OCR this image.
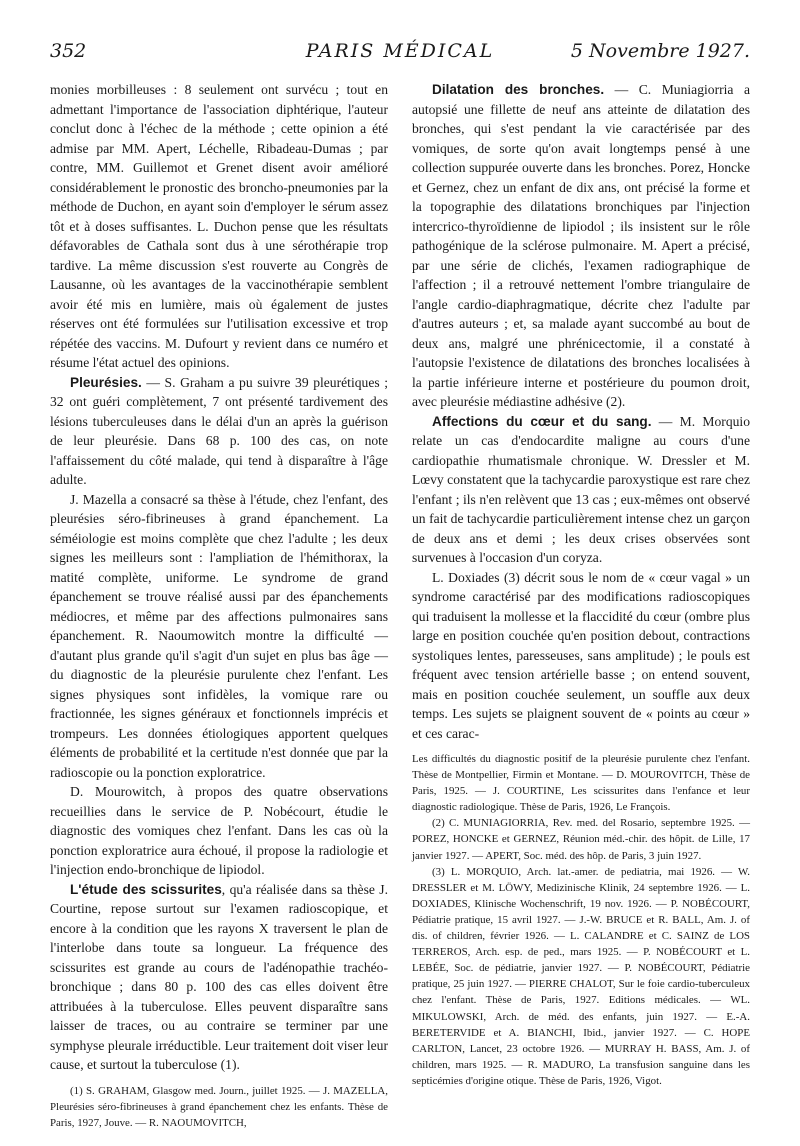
352	PARIS MÉDICAL	5 Novembre 1927.

monies morbilleuses : 8 seulement ont survécu ; tout en admettant l'importance de l'association diphtérique, l'auteur conclut donc à l'échec de la méthode ; cette opinion a été admise par MM. Apert, Léchelle, Ribadeau-Dumas ; par contre, MM. Guillemot et Grenet disent avoir amélioré considérablement le pronostic des broncho-pneumonies par la méthode de Duchon, en ayant soin d'employer le sérum assez tôt et à doses suffisantes. L. Duchon pense que les résultats défavorables de Cathala sont dus à une sérothérapie trop tardive. La même discussion s'est rouverte au Congrès de Lausanne, où les avantages de la vaccinothérapie semblent avoir été mis en lumière, mais où également de justes réserves ont été formulées sur l'utilisation excessive et trop répétée des vaccins. M. Dufourt y revient dans ce numéro et résume l'état actuel des opinions.

Pleurésies. — S. Graham a pu suivre 39 pleurétiques ; 32 ont guéri complètement, 7 ont présenté tardivement des lésions tuberculeuses dans le délai d'un an après la guérison de leur pleurésie. Dans 68 p. 100 des cas, on note l'affaissement du côté malade, qui tend à disparaître à l'âge adulte.

J. Mazella a consacré sa thèse à l'étude, chez l'enfant, des pleurésies séro-fibrineuses à grand épanchement. La séméiologie est moins complète que chez l'adulte ; les deux signes les meilleurs sont : l'ampliation de l'hémithorax, la matité complète, uniforme. Le syndrome de grand épanchement se trouve réalisé aussi par des épanchements médiocres, et même par des affections pulmonaires sans épanchement. R. Naoumowitch montre la difficulté — d'autant plus grande qu'il s'agit d'un sujet en plus bas âge — du diagnostic de la pleurésie purulente chez l'enfant. Les signes physiques sont infidèles, la vomique rare ou fractionnée, les signes généraux et fonctionnels imprécis et trompeurs. Les données étiologiques apportent quelques éléments de probabilité et la certitude n'est donnée que par la radioscopie ou la ponction exploratrice.

D. Mourowitch, à propos des quatre observations recueillies dans le service de P. Nobécourt, étudie le diagnostic des vomiques chez l'enfant. Dans les cas où la ponction exploratrice aura échoué, il propose la radiologie et l'injection endo-bronchique de lipiodol.

L'étude des scissurites, qu'a réalisée dans sa thèse J. Courtine, repose surtout sur l'examen radioscopique, et encore à la condition que les rayons X traversent le plan de l'interlobe dans toute sa longueur. La fréquence des scissurites est grande au cours de l'adénopathie trachéo-bronchique ; dans 80 p. 100 des cas elles doivent être attribuées à la tuberculose. Elles peuvent disparaître sans laisser de traces, ou au contraire se terminer par une symphyse pleurale irréductible. Leur traitement doit viser leur cause, et surtout la tuberculose (1).

(1) S. GRAHAM, Glasgow med. Journ., juillet 1925. — J. MAZELLA, Pleurésies séro-fibrineuses à grand épanchement chez les enfants. Thèse de Paris, 1927, Jouve. — R. NAOUMOVITCH,

Dilatation des bronches. — C. Muniagiorria a autopsié une fillette de neuf ans atteinte de dilatation des bronches, qui s'est pendant la vie caractérisée par des vomiques, de sorte qu'on avait longtemps pensé à une collection suppurée ouverte dans les bronches. Porez, Honcke et Gernez, chez un enfant de dix ans, ont précisé la forme et la topographie des dilatations bronchiques par l'injection intercrico-thyroïdienne de lipiodol ; ils insistent sur le rôle pathogénique de la sclérose pulmonaire. M. Apert a précisé, par une série de clichés, l'examen radiographique de l'affection ; il a retrouvé nettement l'ombre triangulaire de l'angle cardio-diaphragmatique, décrite chez l'adulte par d'autres auteurs ; et, sa malade ayant succombé au bout de deux ans, malgré une phrénicectomie, il a constaté à l'autopsie l'existence de dilatations des bronches localisées à la partie inférieure interne et postérieure du poumon droit, avec pleurésie médiastine adhésive (2).

Affections du cœur et du sang. — M. Morquio relate un cas d'endocardite maligne au cours d'une cardiopathie rhumatismale chronique. W. Dressler et M. Lœvy constatent que la tachycardie paroxystique est rare chez l'enfant ; ils n'en relèvent que 13 cas ; eux-mêmes ont observé un fait de tachycardie particulièrement intense chez un garçon de deux ans et demi ; les deux crises observées sont survenues à l'occasion d'un coryza.

L. Doxiades (3) décrit sous le nom de « cœur vagal » un syndrome caractérisé par des modifications radioscopiques qui traduisent la mollesse et la flaccidité du cœur (ombre plus large en position couchée qu'en position debout, contractions systoliques lentes, paresseuses, sans amplitude) ; le pouls est fréquent avec tension artérielle basse ; on entend souvent, mais en position couchée seulement, un souffle aux deux temps. Les sujets se plaignent souvent de « points au cœur » et ces carac-

Les difficultés du diagnostic positif de la pleurésie purulente chez l'enfant. Thèse de Montpellier, Firmin et Montane. — D. MOUROVITCH, Thèse de Paris, 1925. — J. COURTINE, Les scissurites dans l'enfance et leur diagnostic radiologique. Thèse de Paris, 1926, Le François.

(2) C. MUNIAGIORRIA, Rev. med. del Rosario, septembre 1925. — POREZ, HONCKE et GERNEZ, Réunion méd.-chir. des hôpit. de Lille, 17 janvier 1927. — APERT, Soc. méd. des hôp. de Paris, 3 juin 1927.

(3) L. MORQUIO, Arch. lat.-amer. de pediatria, mai 1926. — W. DRESSLER et M. LÖWY, Medizinische Klinik, 24 septembre 1926. — L. DOXIADES, Klinische Wochenschrift, 19 nov. 1926. — P. NOBÉCOURT, Pédiatrie pratique, 15 avril 1927. — J.-W. BRUCE et R. BALL, Am. J. of dis. of children, février 1926. — L. CALANDRE et C. SAINZ de LOS TERREROS, Arch. esp. de ped., mars 1925. — P. NOBÉCOURT et L. LEBÉE, Soc. de pédiatrie, janvier 1927. — P. NOBÉCOURT, Pédiatrie pratique, 25 juin 1927. — PIERRE CHALOT, Sur le foie cardio-tuberculeux chez l'enfant. Thèse de Paris, 1927. Editions médicales. — WL. MIKULOWSKI, Arch. de méd. des enfants, juin 1927. — E.-A. BERETERVIDE et A. BIANCHI, Ibid., janvier 1927. — C. HOPE CARLTON, Lancet, 23 octobre 1926. — MURRAY H. BASS, Am. J. of children, mars 1925. — R. MADURO, La transfusion sanguine dans les septicémies d'origine otique. Thèse de Paris, 1926, Vigot.
